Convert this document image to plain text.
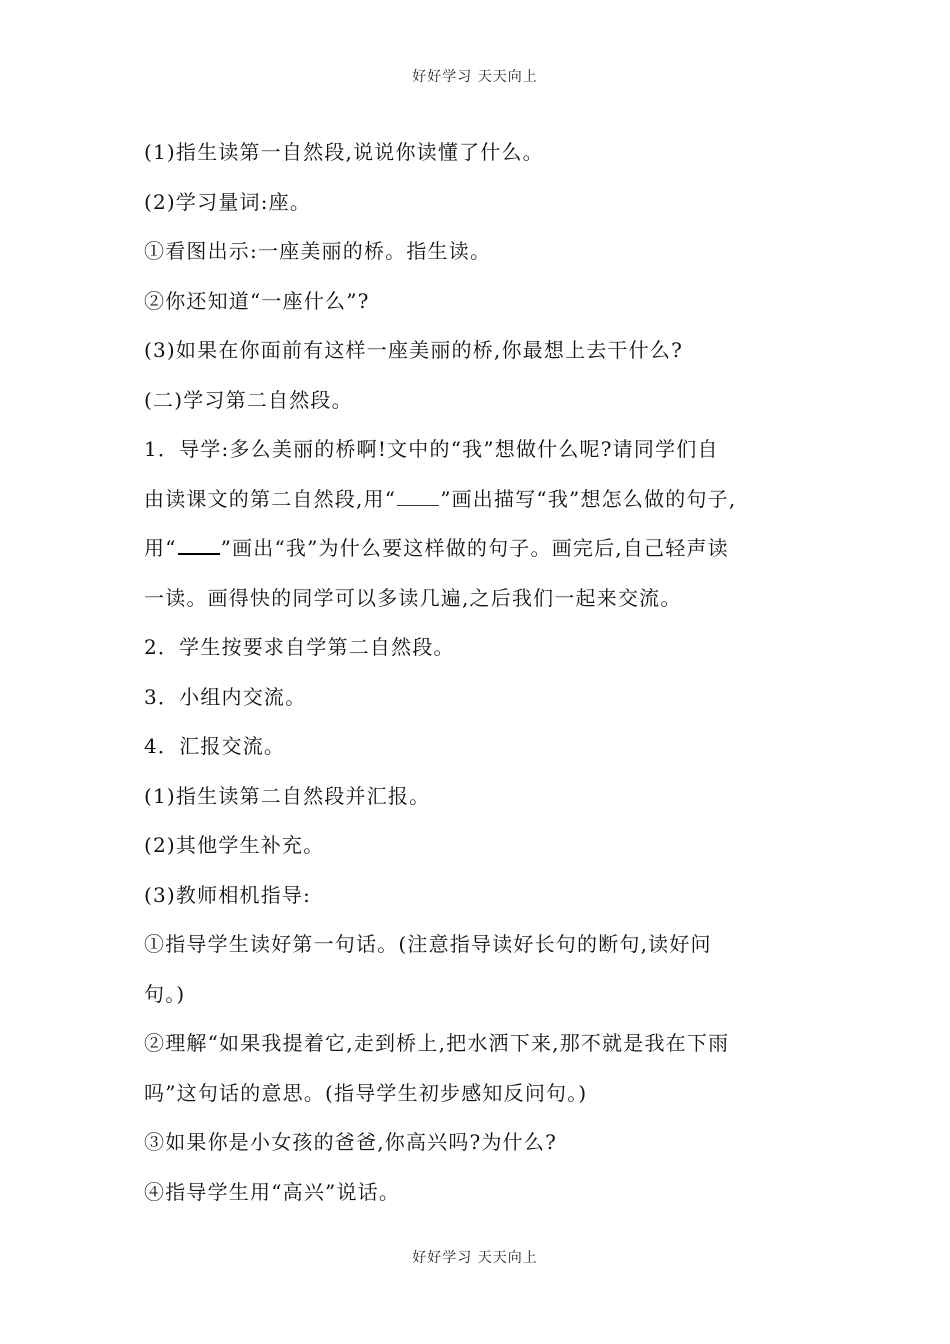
好好学习 天天向上
(1)指生读第一自然段,说说你读懂了什么。
(2)学习量词:座。
①看图出示:一座美丽的桥。指生读。
②你还知道“一座什么”?
(3)如果在你面前有这样一座美丽的桥,你最想上去干什么?
(二)学习第二自然段。
1．导学:多么美丽的桥啊!文中的“我”想做什么呢?请同学们自
由读课文的第二自然段,用“ ”画出描写“我”想怎么做的句子,
用“ ”画出“我”为什么要这样做的句子。画完后,自己轻声读
一读。画得快的同学可以多读几遍,之后我们一起来交流。
2．学生按要求自学第二自然段。
3．小组内交流。
4．汇报交流。
(1)指生读第二自然段并汇报。
(2)其他学生补充。
(3)教师相机指导:
①指导学生读好第一句话。(注意指导读好长句的断句,读好问
句。)
②理解“如果我提着它,走到桥上,把水洒下来,那不就是我在下雨
吗”这句话的意思。(指导学生初步感知反问句。)
③如果你是小女孩的爸爸,你高兴吗?为什么?
④指导学生用“高兴”说话。
好好学习 天天向上
